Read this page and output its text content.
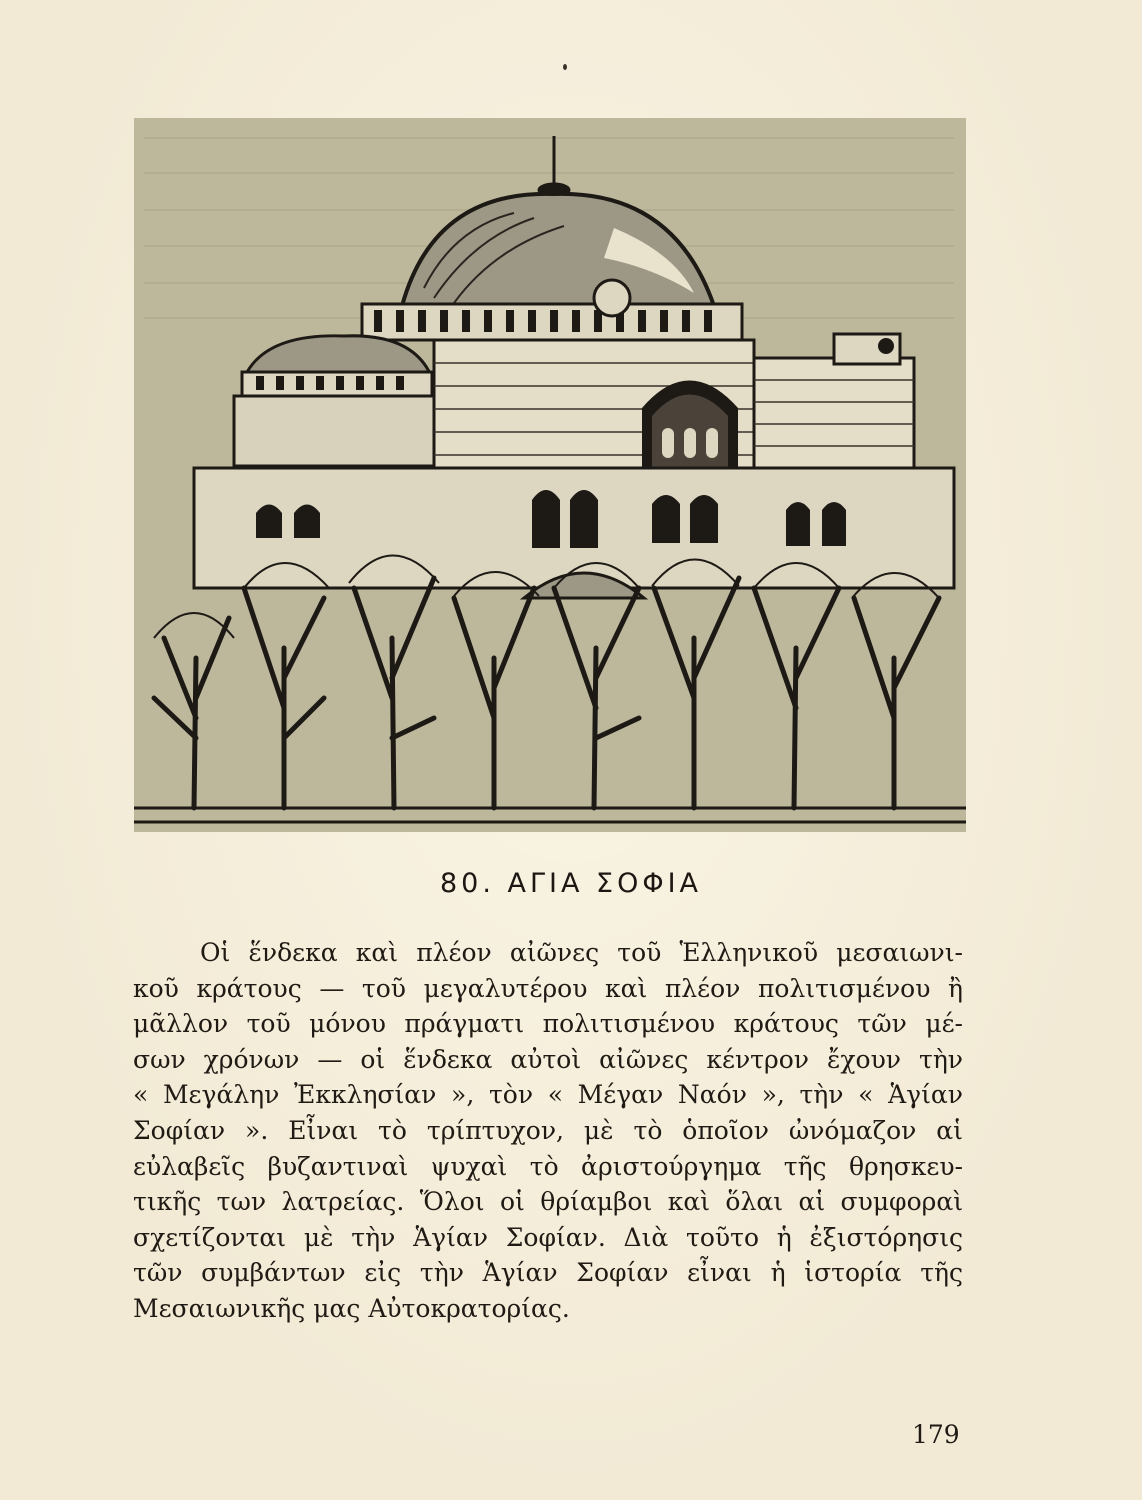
80. ΑΓΙΑ ΣΟΦΙΑ
Οἱ ἕνδεκα καὶ πλέον αἰῶνες τοῦ Ἑλληνικοῦ μεσαιωνι-
κοῦ κράτους — τοῦ μεγαλυτέρου καὶ πλέον πολιτισμένου ἢ
μᾶλλον τοῦ μόνου πράγματι πολιτισμένου κράτους τῶν μέ-
σων χρόνων — οἱ ἕνδεκα αὐτοὶ αἰῶνες κέντρον ἔχουν τὴν
« Μεγάλην Ἐκκλησίαν », τὸν « Μέγαν Ναόν », τὴν « Ἁγίαν
Σοφίαν ». Εἶναι τὸ τρίπτυχον, μὲ τὸ ὁποῖον ὠνόμαζον αἱ
εὐλαβεῖς βυζαντιναὶ ψυχαὶ τὸ ἀριστούργημα τῆς θρησκευ-
τικῆς των λατρείας. Ὅλοι οἱ θρίαμβοι καὶ ὅλαι αἱ συμφοραὶ
σχετίζονται μὲ τὴν Ἁγίαν Σοφίαν. Διὰ τοῦτο ἡ ἐξιστόρησις
τῶν συμβάντων εἰς τὴν Ἁγίαν Σοφίαν εἶναι ἡ ἱστορία τῆς
Μεσαιωνικῆς μας Αὐτοκρατορίας.
179
